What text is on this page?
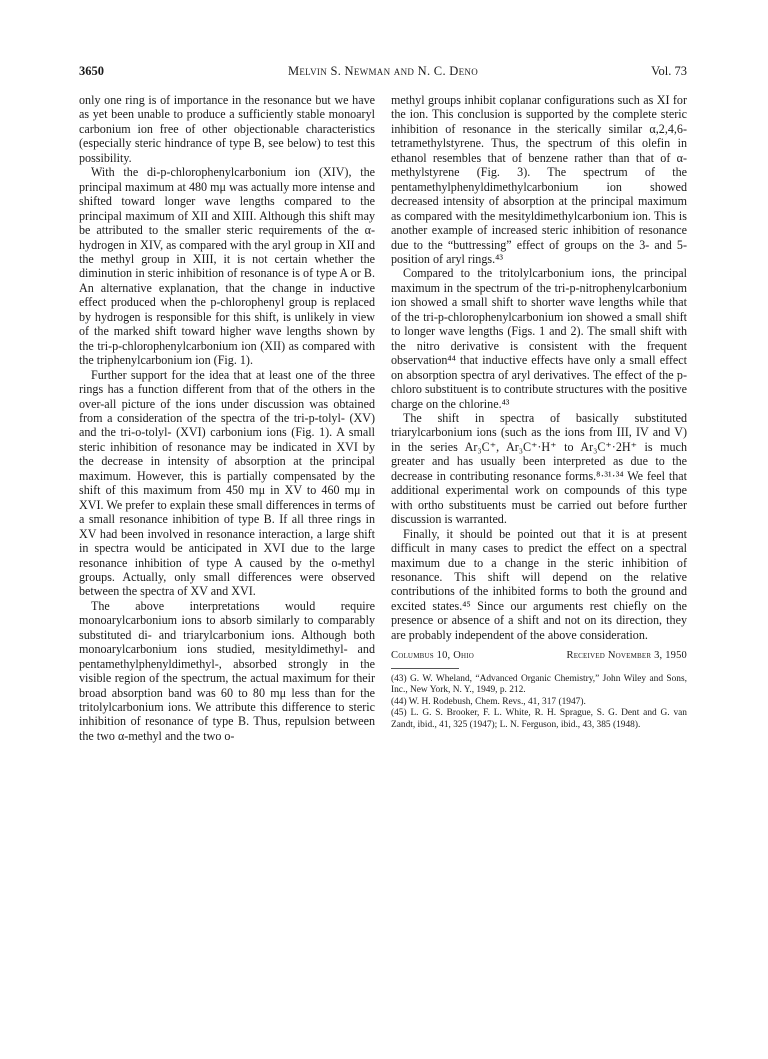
3650	Melvin S. Newman and N. C. Deno	Vol. 73

only one ring is of importance in the resonance but we have as yet been unable to produce a sufficiently stable monoaryl carbonium ion free of other objectionable characteristics (especially steric hindrance of type B, see below) to test this possibility.

With the di-p-chlorophenylcarbonium ion (XIV), the principal maximum at 480 mμ was actually more intense and shifted toward longer wave lengths compared to the principal maximum of XII and XIII. Although this shift may be attributed to the smaller steric requirements of the α-hydrogen in XIV, as compared with the aryl group in XII and the methyl group in XIII, it is not certain whether the diminution in steric inhibition of resonance is of type A or B. An alternative explanation, that the change in inductive effect produced when the p-chlorophenyl group is replaced by hydrogen is responsible for this shift, is unlikely in view of the marked shift toward higher wave lengths shown by the tri-p-chlorophenylcarbonium ion (XII) as compared with the triphenylcarbonium ion (Fig. 1).

Further support for the idea that at least one of the three rings has a function different from that of the others in the over-all picture of the ions under discussion was obtained from a consideration of the spectra of the tri-p-tolyl- (XV) and the tri-o-tolyl- (XVI) carbonium ions (Fig. 1). A small steric inhibition of resonance may be indicated in XVI by the decrease in intensity of absorption at the principal maximum. However, this is partially compensated by the shift of this maximum from 450 mμ in XV to 460 mμ in XVI. We prefer to explain these small differences in terms of a small resonance inhibition of type B. If all three rings in XV had been involved in resonance interaction, a large shift in spectra would be anticipated in XVI due to the large resonance inhibition of type A caused by the o-methyl groups. Actually, only small differences were observed between the spectra of XV and XVI.

The above interpretations would require monoarylcarbonium ions to absorb similarly to comparably substituted di- and triarylcarbonium ions. Although both monoarylcarbonium ions studied, mesityldimethyl- and pentamethylphenyldimethyl-, absorbed strongly in the visible region of the spectrum, the actual maximum for their broad absorption band was 60 to 80 mμ less than for the tritolylcarbonium ions. We attribute this difference to steric inhibition of resonance of type B. Thus, repulsion between the two α-methyl and the two o-

methyl groups inhibit coplanar configurations such as XI for the ion. This conclusion is supported by the complete steric inhibition of resonance in the sterically similar α,2,4,6-tetramethylstyrene. Thus, the spectrum of this olefin in ethanol resembles that of benzene rather than that of α-methylstyrene (Fig. 3). The spectrum of the pentamethylphenyldimethylcarbonium ion showed decreased intensity of absorption at the principal maximum as compared with the mesityldimethylcarbonium ion. This is another example of increased steric inhibition of resonance due to the “buttressing” effect of groups on the 3- and 5-position of aryl rings.⁴³

Compared to the tritolylcarbonium ions, the principal maximum in the spectrum of the tri-p-nitrophenylcarbonium ion showed a small shift to shorter wave lengths while that of the tri-p-chlorophenylcarbonium ion showed a small shift to longer wave lengths (Figs. 1 and 2). The small shift with the nitro derivative is consistent with the frequent observation⁴⁴ that inductive effects have only a small effect on absorption spectra of aryl derivatives. The effect of the p-chloro substituent is to contribute structures with the positive charge on the chlorine.⁴³

The shift in spectra of basically substituted triarylcarbonium ions (such as the ions from III, IV and V) in the series Ar₃C⁺, Ar₃C⁺·H⁺ to Ar₃C⁺·2H⁺ is much greater and has usually been interpreted as due to the decrease in contributing resonance forms.⁸·³¹·³⁴ We feel that additional experimental work on compounds of this type with ortho substituents must be carried out before further discussion is warranted.

Finally, it should be pointed out that it is at present difficult in many cases to predict the effect on a spectral maximum due to a change in the steric inhibition of resonance. This shift will depend on the relative contributions of the inhibited forms to both the ground and excited states.⁴⁵ Since our arguments rest chiefly on the presence or absence of a shift and not on its direction, they are probably independent of the above consideration.

Columbus 10, Ohio	Received November 3, 1950

(43) G. W. Wheland, “Advanced Organic Chemistry,” John Wiley and Sons, Inc., New York, N. Y., 1949, p. 212.

(44) W. H. Rodebush, Chem. Revs., 41, 317 (1947).

(45) L. G. S. Brooker, F. L. White, R. H. Sprague, S. G. Dent and G. van Zandt, ibid., 41, 325 (1947); L. N. Ferguson, ibid., 43, 385 (1948).
